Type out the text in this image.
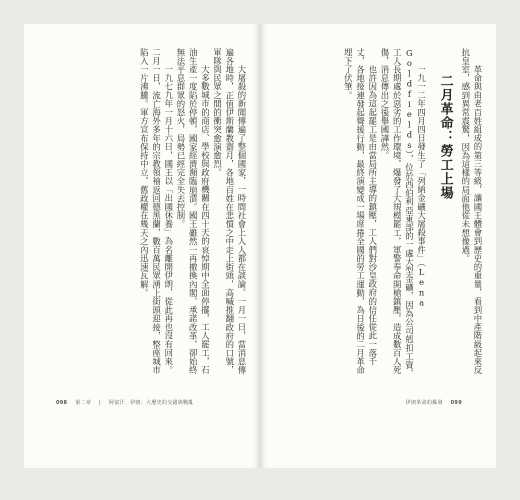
大屠殺的新聞傳遍了整個國家，一時間社會上人人都在談論。一月一日，當消息傳遍各地時，正值伊斯蘭教齋月，各地百姓在悲憤之中走上街頭，高喊推翻政府的口號，軍隊與民眾之間的衝突愈演愈烈。

大多數城市的商店、學校與政府機關在四十天的哀悼期中全面停擺，工人罷工，石油生產一度陷於停頓，國家經濟瀕臨崩潰。國王雖然一再撤換內閣、承諾改革，卻始終無法平息群眾的怒火，局勢已經完全失去控制。

一九七九年一月十六日，國王以「出國休養」為名離開伊朗，從此再也沒有回來。二月一日，流亡海外多年的宗教領袖返回德黑蘭，數百萬民眾湧上街頭迎接，整座城市陷入一片沸騰。軍方宣布保持中立，舊政權在幾天之內迅速瓦解。

098 第二章 | 阿富汗．伊朗：大歷史的交錯與戰亂

革命與由老百姓組成的第三等級，讓國王體會到歷史的重量，看到中產階級起來反抗皇室，感到異常震驚，因為這樣的局面他從未想像過。

二月革命：勞工上場

一九一二年四月四日發生了「列納金礦大屠殺事件」（Lena Goldfields），位於西伯利亞東部的一處大型金礦，因為公司剋扣工資、工人長期處於惡劣的工作環境，爆發了大規模罷工，軍警奉命開槍鎮壓，造成數百人死傷，消息傳出之後舉國譁然。

也許因為這起罷工是由當局所主導的鎮壓，工人們對沙皇政府的信任從此一落千丈，各地接連發起聲援行動，最終演變成一場席捲全國的勞工運動，為日後的二月革命埋下了伏筆。

伊朗革命的爆發 099
